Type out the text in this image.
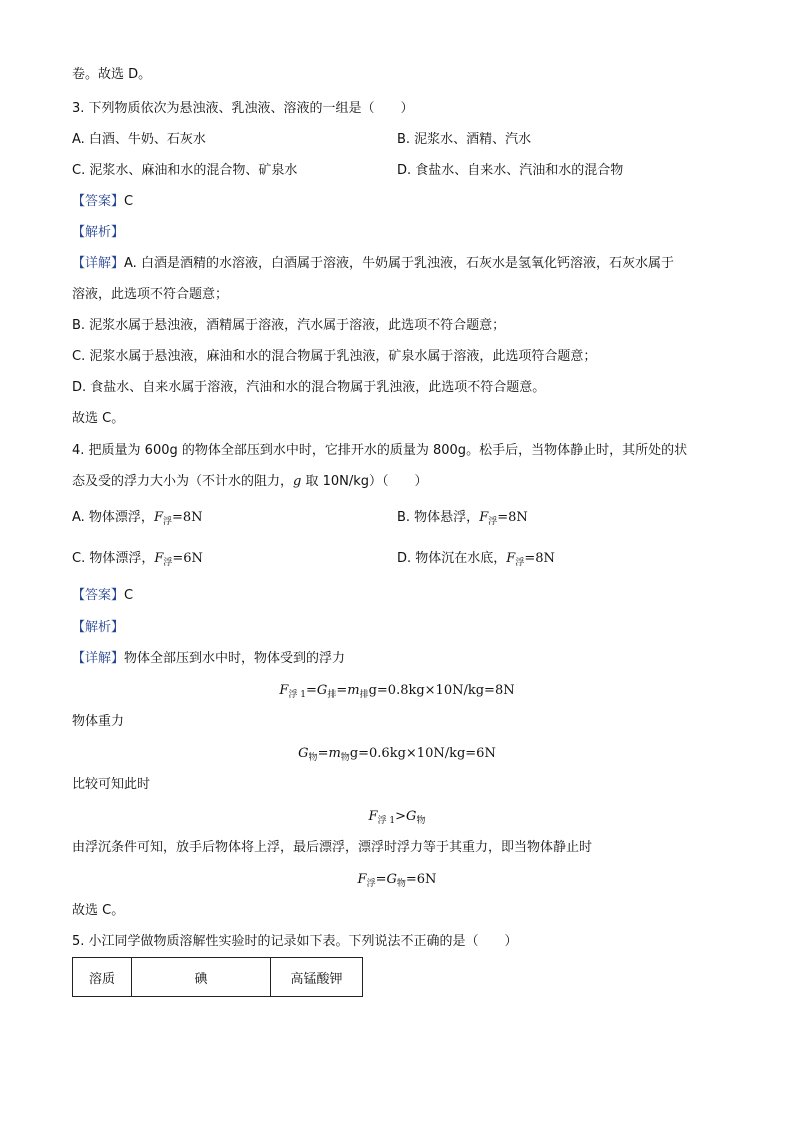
卷。故选 D。
3. 下列物质依次为悬浊液、乳浊液、溶液的一组是（　　）
A. 白酒、牛奶、石灰水	B. 泥浆水、酒精、汽水
C. 泥浆水、麻油和水的混合物、矿泉水	D. 食盐水、自来水、汽油和水的混合物
【答案】C
【解析】
【详解】A. 白酒是酒精的水溶液，白酒属于溶液，牛奶属于乳浊液，石灰水是氢氧化钙溶液，石灰水属于
溶液，此选项不符合题意；
B. 泥浆水属于悬浊液，酒精属于溶液，汽水属于溶液，此选项不符合题意；
C. 泥浆水属于悬浊液，麻油和水的混合物属于乳浊液，矿泉水属于溶液，此选项符合题意；
D. 食盐水、自来水属于溶液，汽油和水的混合物属于乳浊液，此选项不符合题意。
故选 C。
4. 把质量为 600g 的物体全部压到水中时，它排开水的质量为 800g。松手后，当物体静止时，其所处的状
态及受的浮力大小为（不计水的阻力，g 取 10N/kg）（　　）
A. 物体漂浮，$F_浮=8N$	B. 物体悬浮，$F_浮=8N$
C. 物体漂浮，$F_浮=6N$	D. 物体沉在水底，$F_浮=8N$
【答案】C
【解析】
【详解】物体全部压到水中时，物体受到的浮力
$F_{浮 1}=G_排=m_排g=0.8kg\times 10N/kg=8N$
物体重力
$G_物=m_物g=0.6kg\times 10N/kg=6N$
比较可知此时
$F_{浮 1}>G_物$
由浮沉条件可知，放手后物体将上浮，最后漂浮，漂浮时浮力等于其重力，即当物体静止时
$F_浮=G_物=6N$
故选 C。
5. 小江同学做物质溶解性实验时的记录如下表。下列说法不正确的是（　　）
溶质	碘	高锰酸钾
